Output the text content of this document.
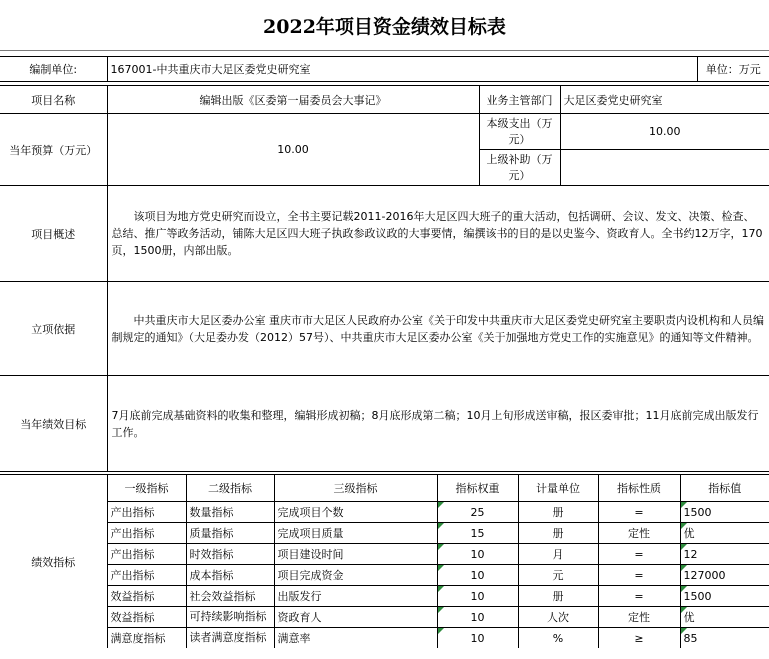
2022年项目资金绩效目标表
编制单位:	167001-中共重庆市大足区委党史研究室	单位：万元
项目名称	编辑出版《区委第一届委员会大事记》	业务主管部门	大足区委党史研究室
当年预算（万元）	10.00	本级支出（万元）	10.00
		上级补助（万元）	
项目概述	该项目为地方党史研究而设立，全书主要记载2011-2016年大足区四大班子的重大活动，包括调研、会议、发文、决策、检查、总结、推广等政务活动，铺陈大足区四大班子执政参政议政的大事要情，编撰该书的目的是以史鉴今、资政育人。全书约12万字，170页，1500册，内部出版。		
立项依据	中共重庆市大足区委办公室 重庆市市大足区人民政府办公室《关于印发中共重庆市大足区委党史研究室主要职责内设机构和人员编制规定的通知》（大足委办发（2012）57号）、中共重庆市大足区委办公室《关于加强地方党史工作的实施意见》的通知等文件精神。		
当年绩效目标	7月底前完成基础资料的收集和整理，编辑形成初稿；8月底形成第二稿；10月上旬形成送审稿，报区委审批；11月底前完成出版发行工作。		
绩效指标	一级指标	二级指标	三级指标	指标权重	计量单位	指标性质	指标值
	产出指标	数量指标	完成项目个数	25	册	=	1500
	产出指标	质量指标	完成项目质量	15	册	定性	优
	产出指标	时效指标	项目建设时间	10	月	=	12
	产出指标	成本指标	项目完成资金	10	元	=	127000
	效益指标	社会效益指标	出版发行	10	册	=	1500
	效益指标	可持续影响指标	资政育人	10	人次	定性	优
	满意度指标	读者满意度指标	满意率	10	%	≥	85
